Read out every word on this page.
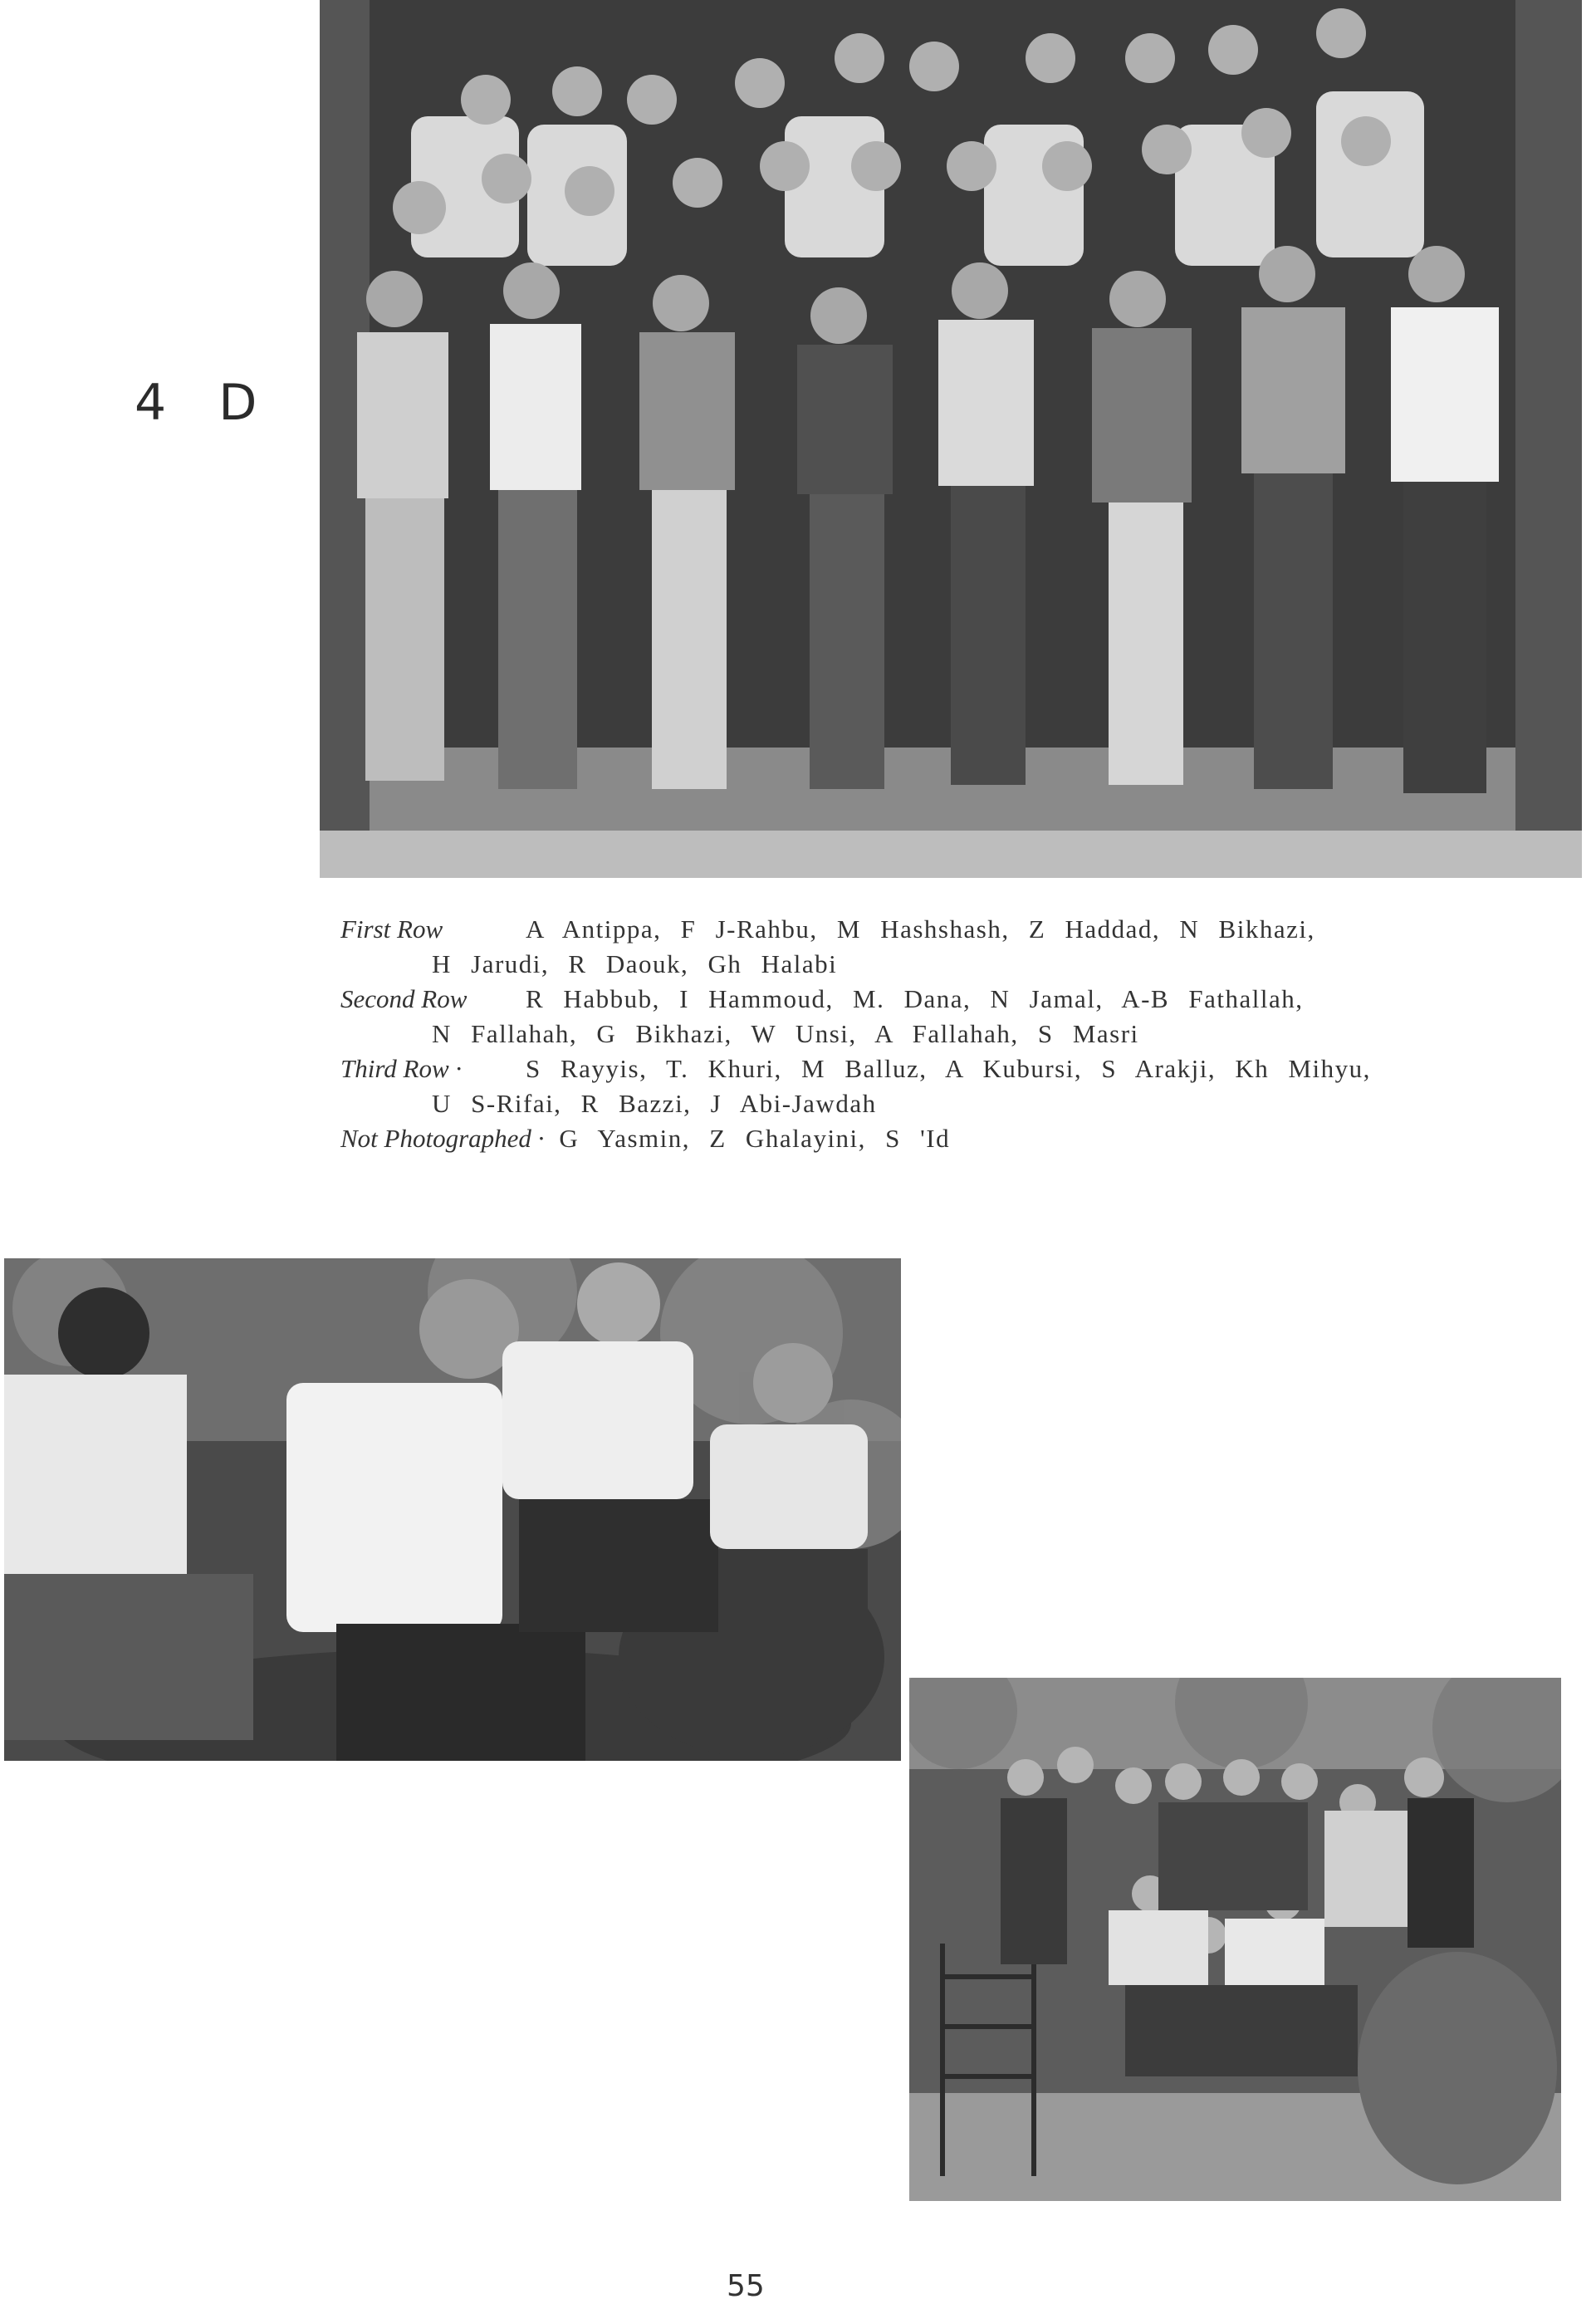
4 D
First Row	A Antippa, F J-Rahbu, M Hashshash, Z Haddad, N Bikhazi,
H Jarudi, R Daouk, Gh Halabi
Second Row	R Habbub, I Hammoud, M. Dana, N Jamal, A-B Fathallah,
N Fallahah, G Bikhazi, W Unsi, A Fallahah, S Masri
Third Row ·	S Rayyis, T. Khuri, M Balluz, A Kubursi, S Arakji, Kh Mihyu,
U S-Rifai, R Bazzi, J Abi-Jawdah
Not Photographed · G Yasmin, Z Ghalayini, S 'Id
55
